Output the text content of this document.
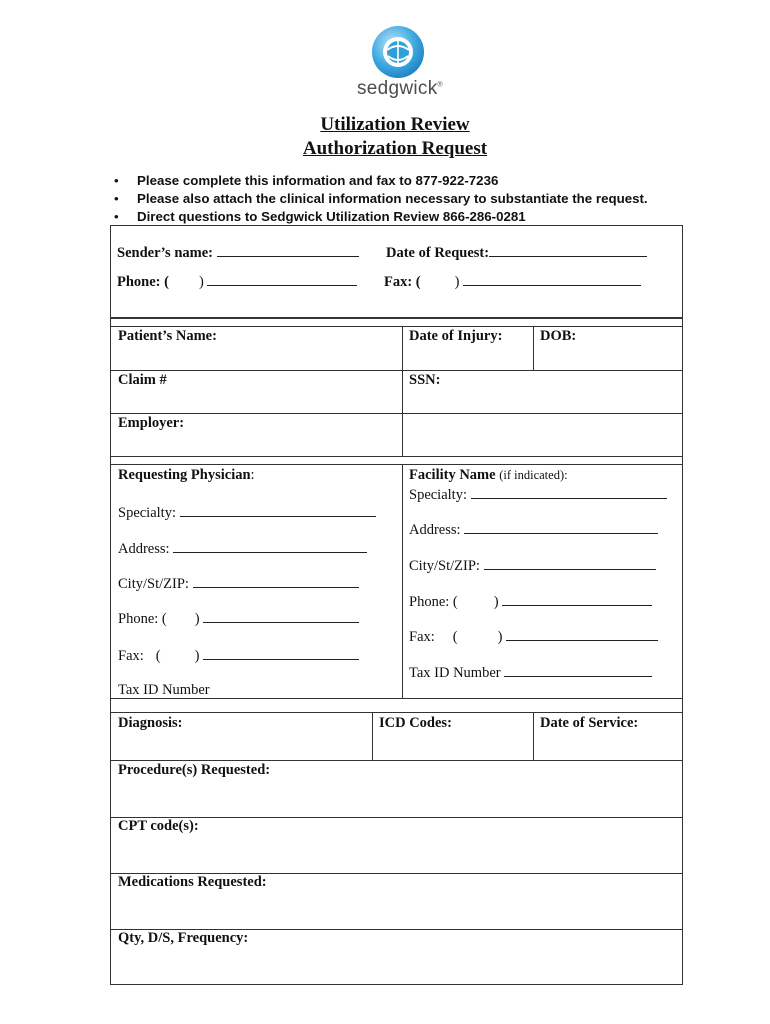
sedgwick®
Utilization Review
Authorization Request
• Please complete this information and fax to 877-922-7236
• Please also attach the clinical information necessary to substantiate the request.
• Direct questions to Sedgwick Utilization Review 866-286-0281
Sender’s name:	Date of Request:
Phone: ( )	Fax: ( )
Patient’s Name:	Date of Injury:	DOB:
Claim #	SSN:
Employer:
Requesting Physician:
Specialty:
Address:
City/St/ZIP:
Phone: ( )
Fax: ( )
Tax ID Number
Facility Name (if indicated):
Specialty:
Address:
City/St/ZIP:
Phone: ( )
Fax: (	)
Tax ID Number
Diagnosis:	ICD Codes:	Date of Service:
Procedure(s) Requested:
CPT code(s):
Medications Requested:
Qty, D/S, Frequency:
